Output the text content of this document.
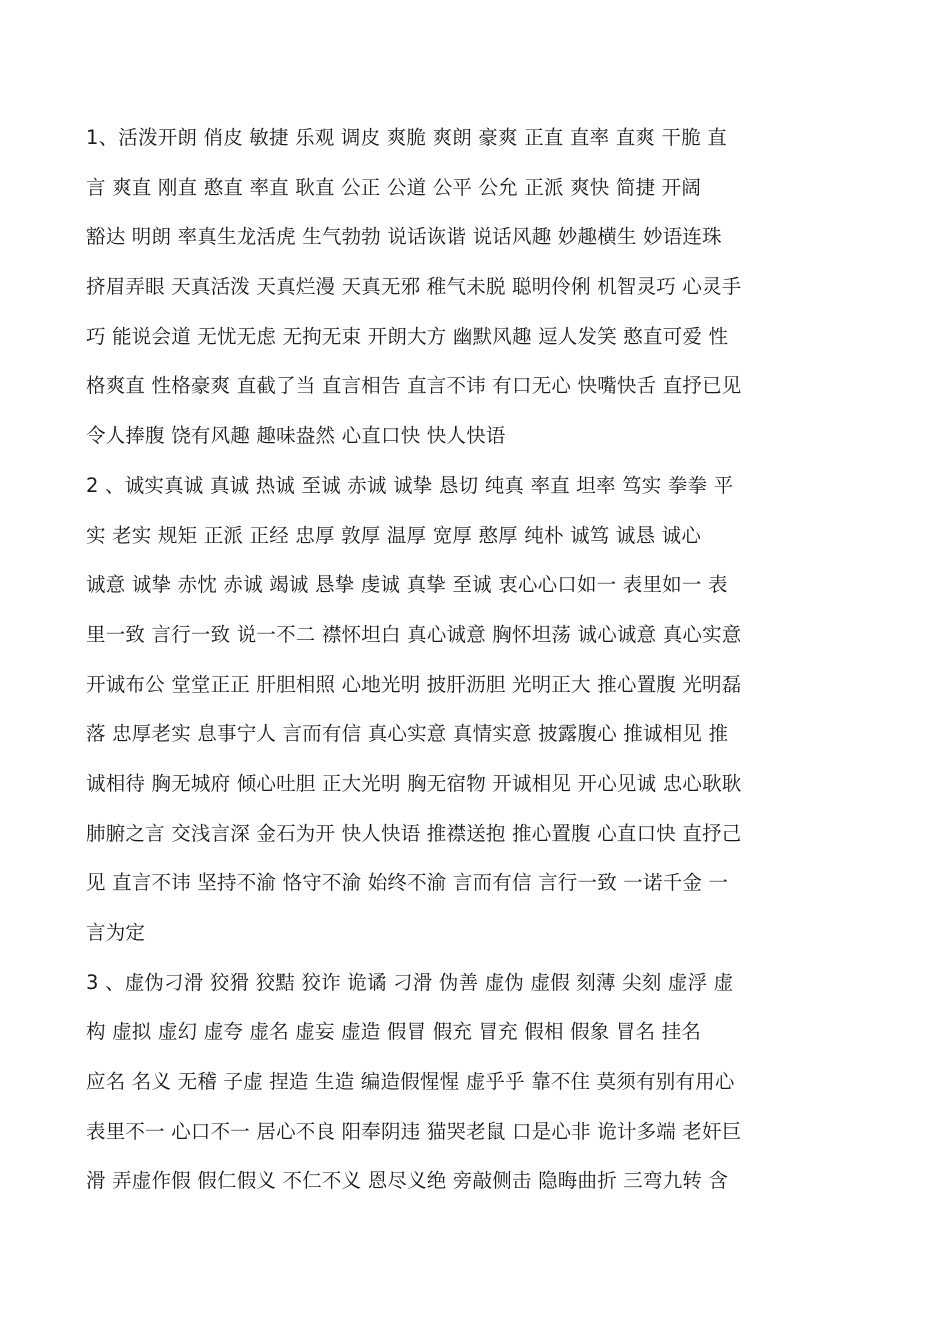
1、活泼开朗 俏皮 敏捷 乐观 调皮 爽脆 爽朗 豪爽 正直 直率 直爽 干脆 直
言 爽直 刚直 憨直 率直 耿直 公正 公道 公平 公允 正派 爽快 简捷 开阔
豁达 明朗 率真生龙活虎 生气勃勃 说话诙谐 说话风趣 妙趣横生 妙语连珠
挤眉弄眼 天真活泼 天真烂漫 天真无邪 稚气未脱 聪明伶俐 机智灵巧 心灵手
巧 能说会道 无忧无虑 无拘无束 开朗大方 幽默风趣 逗人发笑 憨直可爱 性
格爽直 性格豪爽 直截了当 直言相告 直言不讳 有口无心 快嘴快舌 直抒已见
令人捧腹 饶有风趣 趣味盎然 心直口快 快人快语
2 、诚实真诚 真诚 热诚 至诚 赤诚 诚挚 恳切 纯真 率直 坦率 笃实 拳拳 平
实 老实 规矩 正派 正经 忠厚 敦厚 温厚 宽厚 憨厚 纯朴 诚笃 诚恳 诚心
诚意 诚挚 赤忱 赤诚 竭诚 恳挚 虔诚 真挚 至诚 衷心心口如一 表里如一 表
里一致 言行一致 说一不二 襟怀坦白 真心诚意 胸怀坦荡 诚心诚意 真心实意
开诚布公 堂堂正正 肝胆相照 心地光明 披肝沥胆 光明正大 推心置腹 光明磊
落 忠厚老实 息事宁人 言而有信 真心实意 真情实意 披露腹心 推诚相见 推
诚相待 胸无城府 倾心吐胆 正大光明 胸无宿物 开诚相见 开心见诚 忠心耿耿
肺腑之言 交浅言深 金石为开 快人快语 推襟送抱 推心置腹 心直口快 直抒己
见 直言不讳 坚持不渝 恪守不渝 始终不渝 言而有信 言行一致 一诺千金 一
言为定
3 、虚伪刁滑 狡猾 狡黠 狡诈 诡谲 刁滑 伪善 虚伪 虚假 刻薄 尖刻 虚浮 虚
构 虚拟 虚幻 虚夸 虚名 虚妄 虚造 假冒 假充 冒充 假相 假象 冒名 挂名
应名 名义 无稽 子虚 捏造 生造 编造假惺惺 虚乎乎 靠不住 莫须有别有用心
表里不一 心口不一 居心不良 阳奉阴违 猫哭老鼠 口是心非 诡计多端 老奸巨
滑 弄虚作假 假仁假义 不仁不义 恩尽义绝 旁敲侧击 隐晦曲折 三弯九转 含
